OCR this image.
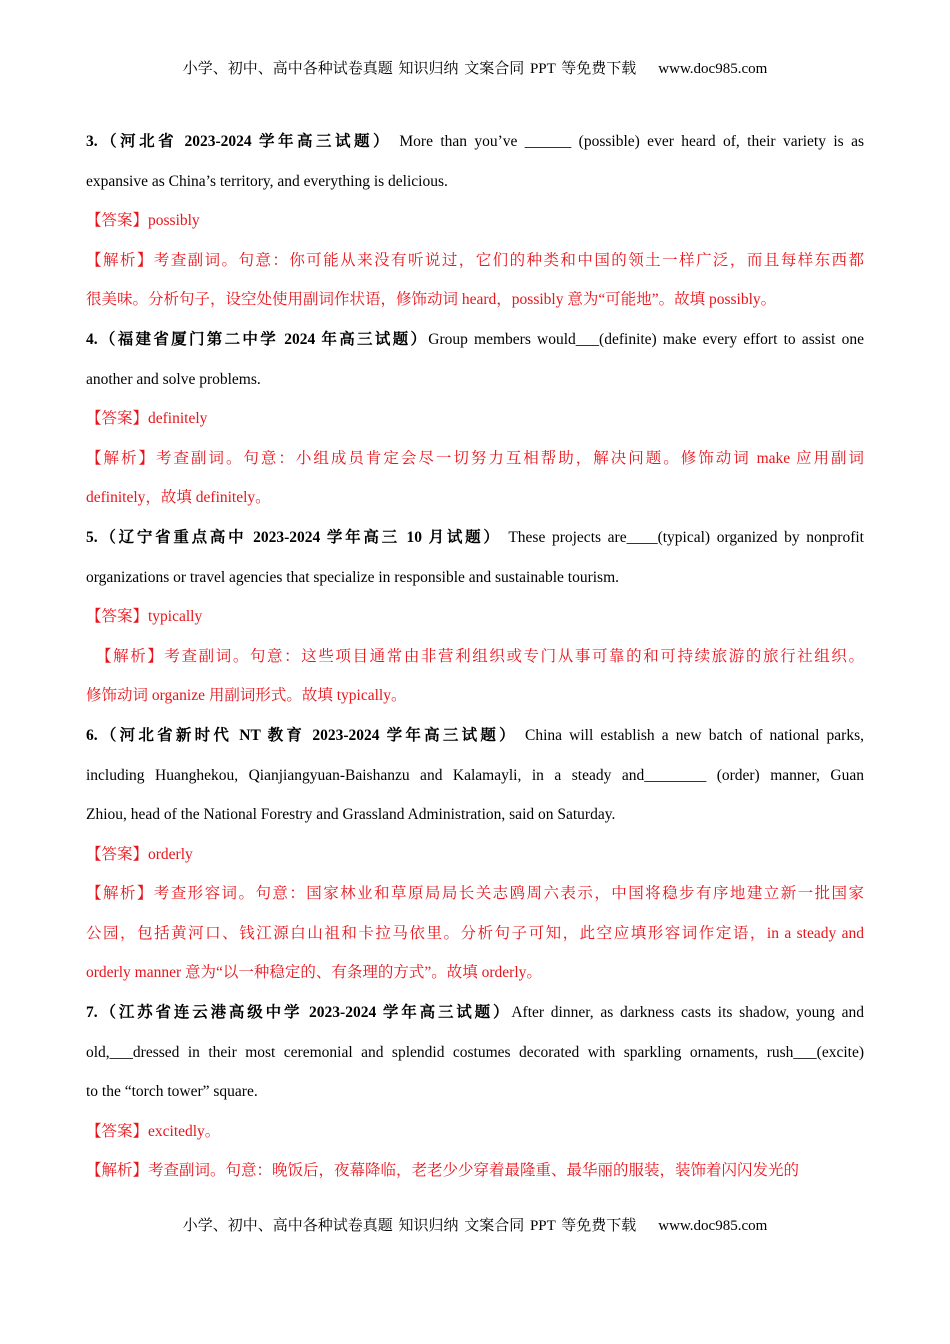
小学、初中、高中各种试卷真题 知识归纳 文案合同 PPT 等免费下载 www.doc985.com
3.（河北省 2023-2024 学年高三试题） More than you’ve ______ (possible) ever heard of, their variety is as
expansive as China’s territory, and everything is delicious.
【答案】possibly
【解析】考查副词。句意：你可能从来没有听说过，它们的种类和中国的领土一样广泛，而且每样东西都
很美味。分析句子，设空处使用副词作状语，修饰动词 heard，possibly 意为“可能地”。故填 possibly。
4.（福建省厦门第二中学 2024 年高三试题）Group members would___(definite) make every effort to assist one
another and solve problems.
【答案】definitely
【解析】考查副词。句意：小组成员肯定会尽一切努力互相帮助，解决问题。修饰动词 make 应用副词
definitely，故填 definitely。
5.（辽宁省重点高中 2023-2024 学年高三 10 月试题） These projects are____(typical) organized by nonprofit
organizations or travel agencies that specialize in responsible and sustainable tourism.
【答案】typically
【解析】考查副词。句意：这些项目通常由非营利组织或专门从事可靠的和可持续旅游的旅行社组织。
修饰动词 organize 用副词形式。故填 typically。
6.（河北省新时代 NT 教育 2023-2024 学年高三试题） China will establish a new batch of national parks,
including Huanghekou, Qianjiangyuan-Baishanzu and Kalamayli, in a steady and________ (order) manner, Guan
Zhiou, head of the National Forestry and Grassland Administration, said on Saturday.
【答案】orderly
【解析】考查形容词。句意：国家林业和草原局局长关志鸥周六表示，中国将稳步有序地建立新一批国家
公园，包括黄河口、钱江源白山祖和卡拉马依里。分析句子可知，此空应填形容词作定语，in a steady and
orderly manner 意为“以一种稳定的、有条理的方式”。故填 orderly。
7.（江苏省连云港高级中学 2023-2024 学年高三试题）After dinner, as darkness casts its shadow, young and
old,___dressed in their most ceremonial and splendid costumes decorated with sparkling ornaments, rush___(excite)
to the “torch tower” square.
【答案】excitedly。
【解析】考查副词。句意：晚饭后，夜幕降临，老老少少穿着最隆重、最华丽的服装，装饰着闪闪发光的
小学、初中、高中各种试卷真题 知识归纳 文案合同 PPT 等免费下载 www.doc985.com
